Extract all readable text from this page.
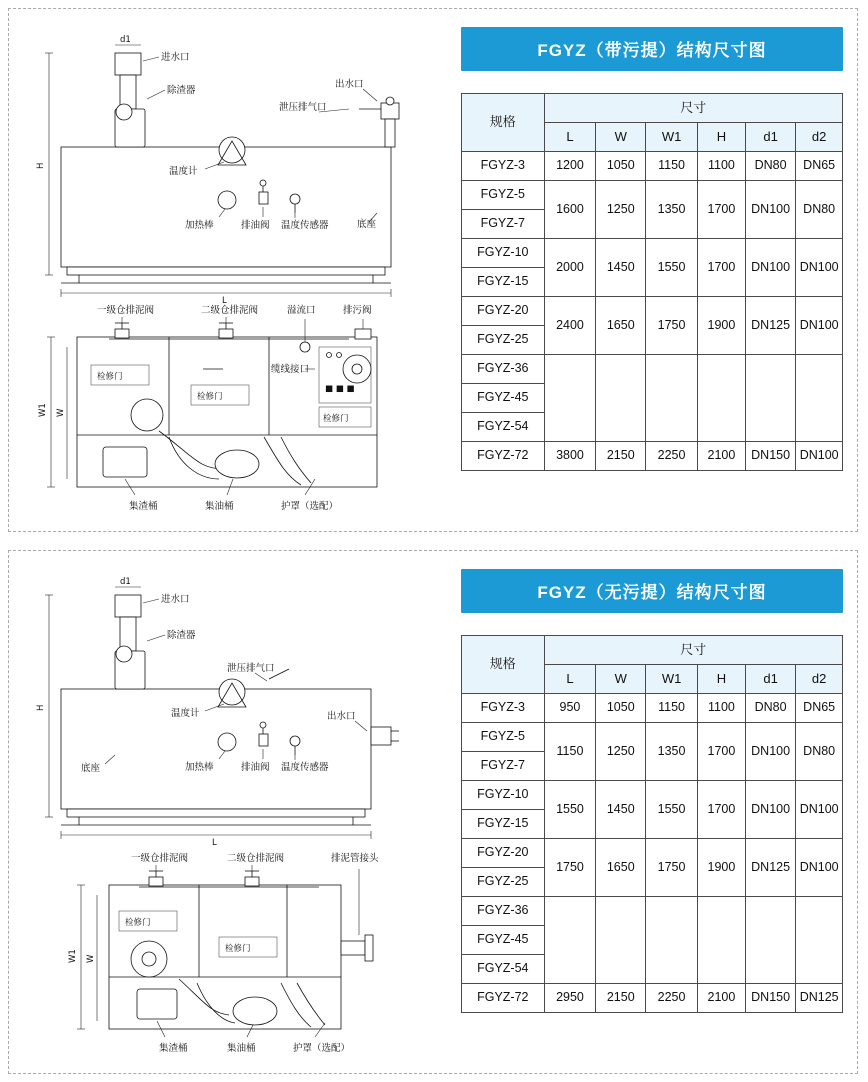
H
L
d1
进水口
除渣器
出水口
泄压排气口
温度计
加热棒	排油阀 温度传感器	底座
检修门
检修门
检修门
■ ■ ■
W1 W
一级仓排泥阀	二级仓排泥阀	溢流口	排污阀
缆线接口
集渣桶	集油桶	护罩（选配）
FGYZ（带污提）结构尺寸图
规格	尺寸					
	L	W	W1	H	d1	d2
FGYZ-3	1200	1050	1150	1100	DN80	DN65
FGYZ-5	1600	1250	1350	1700	DN100	DN80
FGYZ-7						
FGYZ-10	2000	1450	1550	1700	DN100	DN100
FGYZ-15						
FGYZ-20	2400	1650	1750	1900	DN125	DN100
FGYZ-25						
FGYZ-36						
FGYZ-45						
FGYZ-54						
FGYZ-72	3800	2150	2250	2100	DN150	DN100
H
L
d1
进水口
除渣器
泄压排气口
出水口
温度计
加热棒	排油阀 温度传感器
底座
检修门
检修门
W1 W
一级仓排泥阀	二级仓排泥阀	排泥管接头
集渣桶	集油桶	护罩（选配）
FGYZ（无污提）结构尺寸图
规格	尺寸					
	L	W	W1	H	d1	d2
FGYZ-3	950	1050	1150	1100	DN80	DN65
FGYZ-5	1150	1250	1350	1700	DN100	DN80
FGYZ-7						
FGYZ-10	1550	1450	1550	1700	DN100	DN100
FGYZ-15						
FGYZ-20	1750	1650	1750	1900	DN125	DN100
FGYZ-25						
FGYZ-36						
FGYZ-45						
FGYZ-54						
FGYZ-72	2950	2150	2250	2100	DN150	DN125
